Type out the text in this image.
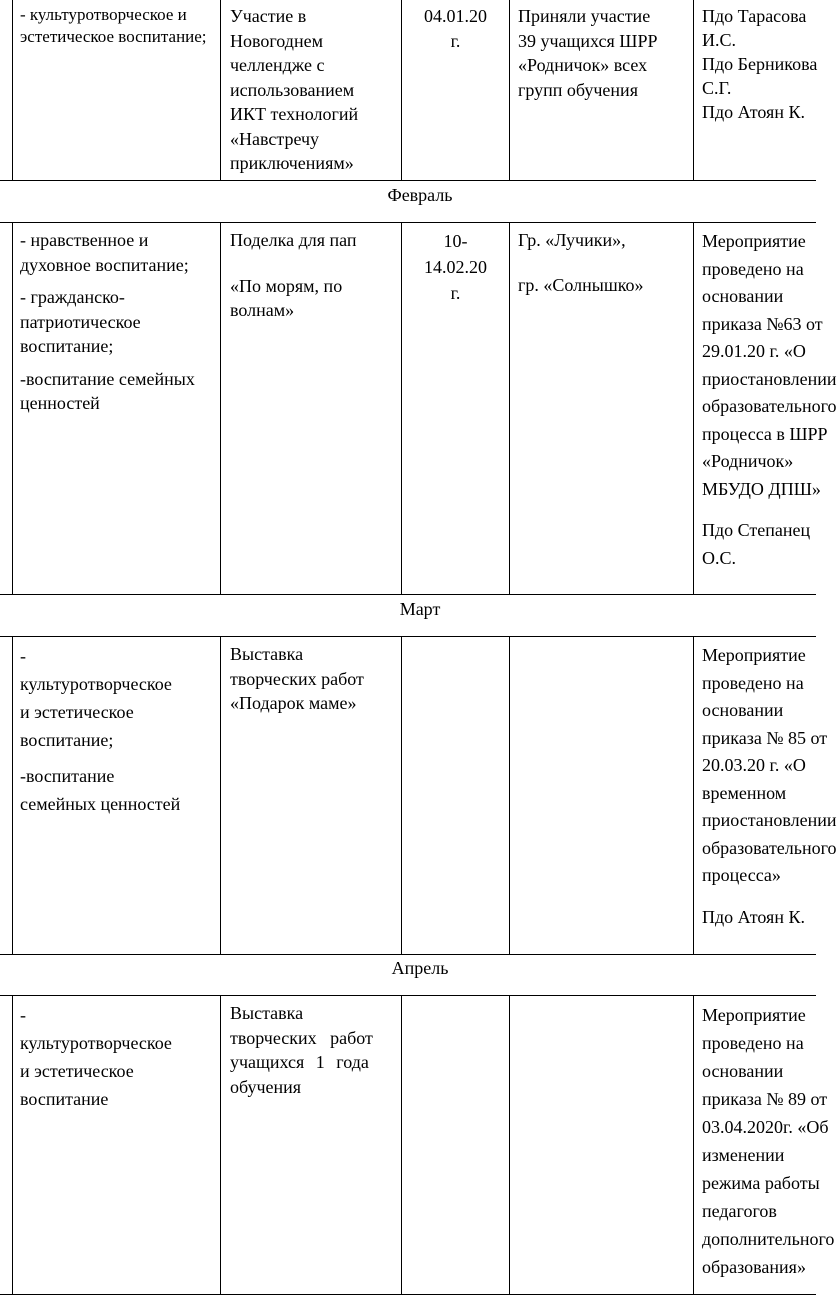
- культуротворческое и эстетическое воспитание;

Участие в

Новогоднем

челлендже с

использованием

ИКТ технологий

«Навстречу

приключениям»

04.01.20

г.

Приняли участие

39 учащихся ШРР

«Родничок» всех

групп обучения

Пдо Тарасова

И.С.

Пдо Берникова

С.Г.

Пдо Атоян К.

Февраль

- нравственное и духовное воспитание;

- гражданско-патриотическое воспитание;

-воспитание семейных ценностей

Поделка для пап

«По морям, по волнам»

10-

14.02.20

г.

Гр. «Лучики»,

гр. «Солнышко»

Мероприятие

проведено на

основании

приказа №63 от

29.01.20 г. «О

приостановлении

образовательного

процесса в ШРР

«Родничок»

МБУДО ДПШ»

Пдо Степанец

О.С.

Март

-

культуротворческое

и эстетическое

воспитание;

-воспитание

семейных ценностей

Выставка

творческих работ

«Подарок маме»

Мероприятие

проведено на

основании

приказа № 85 от

20.03.20 г. «О

временном

приостановлении

образовательного

процесса»

Пдо Атоян К.

Апрель

-

культуротворческое

и эстетическое

воспитание

Выставка

творческих работ

учащихся 1 года

обучения

Мероприятие

проведено на

основании

приказа № 89 от

03.04.2020г. «Об

изменении

режима работы

педагогов

дополнительного

образования»
